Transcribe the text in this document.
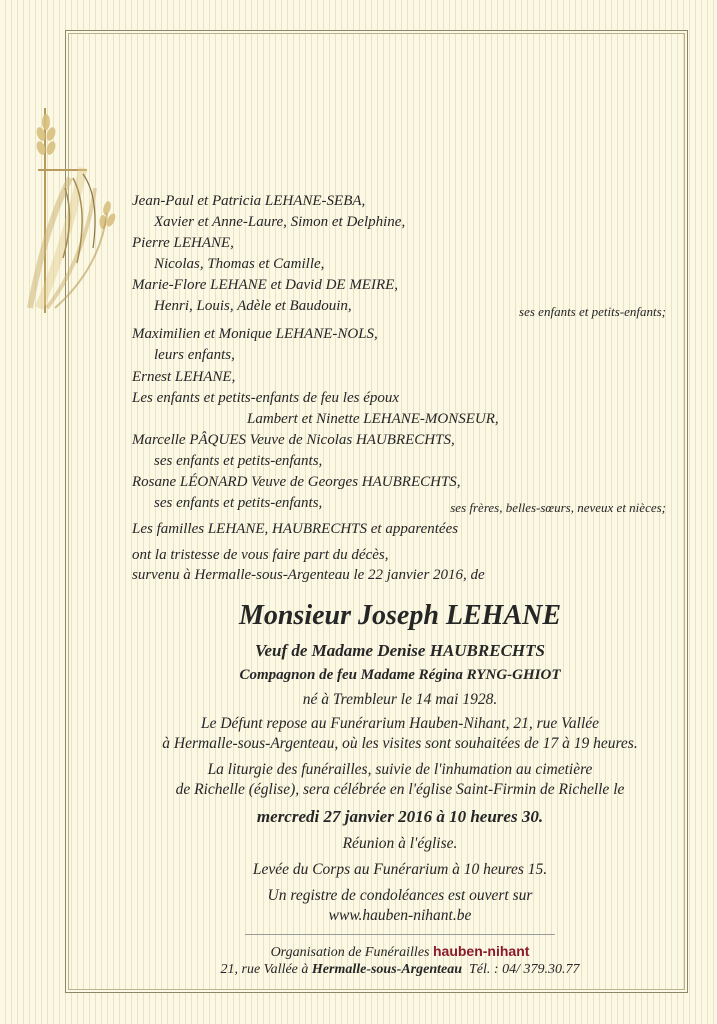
Jean-Paul et Patricia LEHANE-SEBA,
Xavier et Anne-Laure, Simon et Delphine,
Pierre LEHANE,
Nicolas, Thomas et Camille,
Marie-Flore LEHANE et David DE MEIRE,
Henri, Louis, Adèle et Baudouin,	ses enfants et petits-enfants;
Maximilien et Monique LEHANE-NOLS,
leurs enfants,
Ernest LEHANE,
Les enfants et petits-enfants de feu les époux
Lambert et Ninette LEHANE-MONSEUR,
Marcelle PÂQUES Veuve de Nicolas HAUBRECHTS,
ses enfants et petits-enfants,
Rosane LÉONARD Veuve de Georges HAUBRECHTS,
ses enfants et petits-enfants,	ses frères, belles-sœurs, neveux et nièces;
Les familles LEHANE, HAUBRECHTS et apparentées
ont la tristesse de vous faire part du décès,
survenu à Hermalle-sous-Argenteau le 22 janvier 2016, de
Monsieur Joseph LEHANE
Veuf de Madame Denise HAUBRECHTS
Compagnon de feu Madame Régina RYNG-GHIOT
né à Trembleur le 14 mai 1928.
Le Défunt repose au Funérarium Hauben-Nihant, 21, rue Vallée
à Hermalle-sous-Argenteau, où les visites sont souhaitées de 17 à 19 heures.
La liturgie des funérailles, suivie de l'inhumation au cimetière
de Richelle (église), sera célébrée en l'église Saint-Firmin de Richelle le
mercredi 27 janvier 2016 à 10 heures 30.
Réunion à l'église.
Levée du Corps au Funérarium à 10 heures 15.
Un registre de condoléances est ouvert sur
www.hauben-nihant.be
Organisation de Funérailles hauben-nihant
21, rue Vallée à Hermalle-sous-Argenteau Tél. : 04/ 379.30.77
